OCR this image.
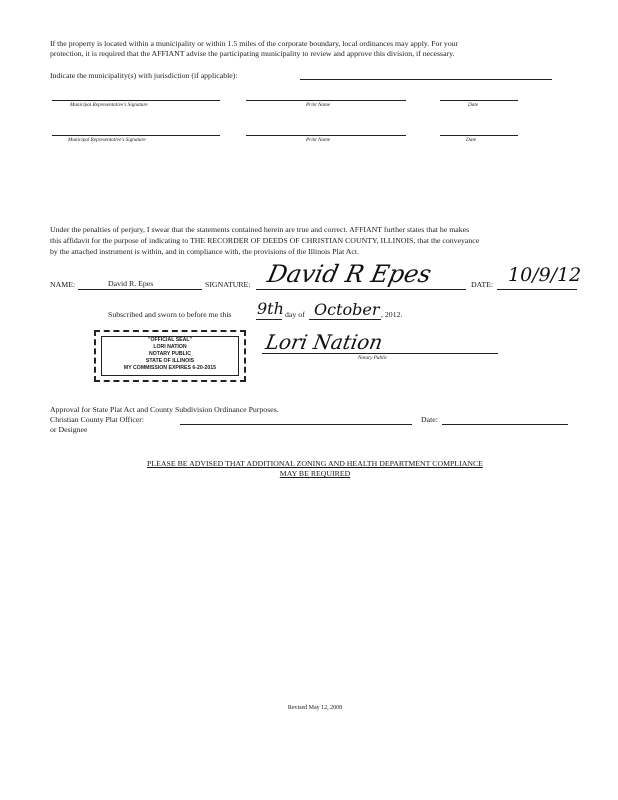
If the property is located within a municipality or within 1.5 miles of the corporate boundary, local ordinances may apply. For your
protection, it is required that the AFFIANT advise the participating municipality to review and approve this division, if necessary.
Indicate the municipality(s) with jurisdiction (if applicable):
Municipal Representative's Signature	Print Name	Date
Municipal Representative's Signature	Print Name	Date
Under the penalties of perjury, I swear that the statements contained herein are true and correct. AFFIANT further states that he makes
this affidavit for the purpose of indicating to THE RECORDER OF DEEDS OF CHRISTIAN COUNTY, ILLINOIS, that the conveyance
by the attached instrument is within, and in compliance with, the provisions of the Illinois Plat Act.
NAME:	David R. Epes	SIGNATURE: David R Epes	DATE: 10/9/12
Subscribed and sworn to before me this 9th day of October , 2012.
"OFFICIAL SEAL"
LORI NATION
NOTARY PUBLIC
STATE OF ILLINOIS
MY COMMISSION EXPIRES 6-20-2015
Lori Nation
Notary Public
Approval for State Plat Act and County Subdivision Ordinance Purposes.
Christian County Plat Officer:	Date:
or Designee
PLEASE BE ADVISED THAT ADDITIONAL ZONING AND HEALTH DEPARTMENT COMPLIANCE
MAY BE REQUIRED
Revised May 12, 2008
